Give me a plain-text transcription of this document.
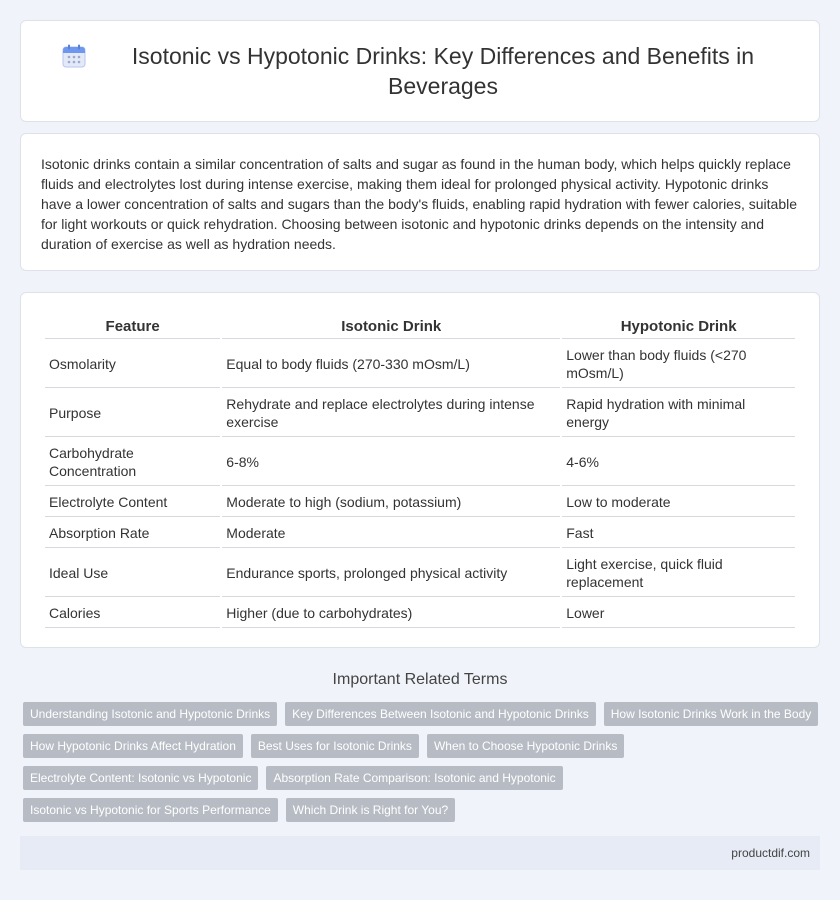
Isotonic vs Hypotonic Drinks: Key Differences and Benefits in Beverages

Isotonic drinks contain a similar concentration of salts and sugar as found in the human body, which helps quickly replace fluids and electrolytes lost during intense exercise, making them ideal for prolonged physical activity. Hypotonic drinks have a lower concentration of salts and sugars than the body's fluids, enabling rapid hydration with fewer calories, suitable for light workouts or quick rehydration. Choosing between isotonic and hypotonic drinks depends on the intensity and duration of exercise as well as hydration needs.

Feature	Isotonic Drink	Hypotonic Drink
Osmolarity	Equal to body fluids (270-330 mOsm/L)	Lower than body fluids (<270 mOsm/L)
Purpose	Rehydrate and replace electrolytes during intense exercise	Rapid hydration with minimal energy
Carbohydrate Concentration	6-8%	4-6%
Electrolyte Content	Moderate to high (sodium, potassium)	Low to moderate
Absorption Rate	Moderate	Fast
Ideal Use	Endurance sports, prolonged physical activity	Light exercise, quick fluid replacement
Calories	Higher (due to carbohydrates)	Lower
Important Related Terms
Understanding Isotonic and Hypotonic Drinks	Key Differences Between Isotonic and Hypotonic Drinks	How Isotonic Drinks Work in the Body
How Hypotonic Drinks Affect Hydration	Best Uses for Isotonic Drinks	When to Choose Hypotonic Drinks
Electrolyte Content: Isotonic vs Hypotonic	Absorption Rate Comparison: Isotonic and Hypotonic
Isotonic vs Hypotonic for Sports Performance	Which Drink is Right for You?
productdif.com
